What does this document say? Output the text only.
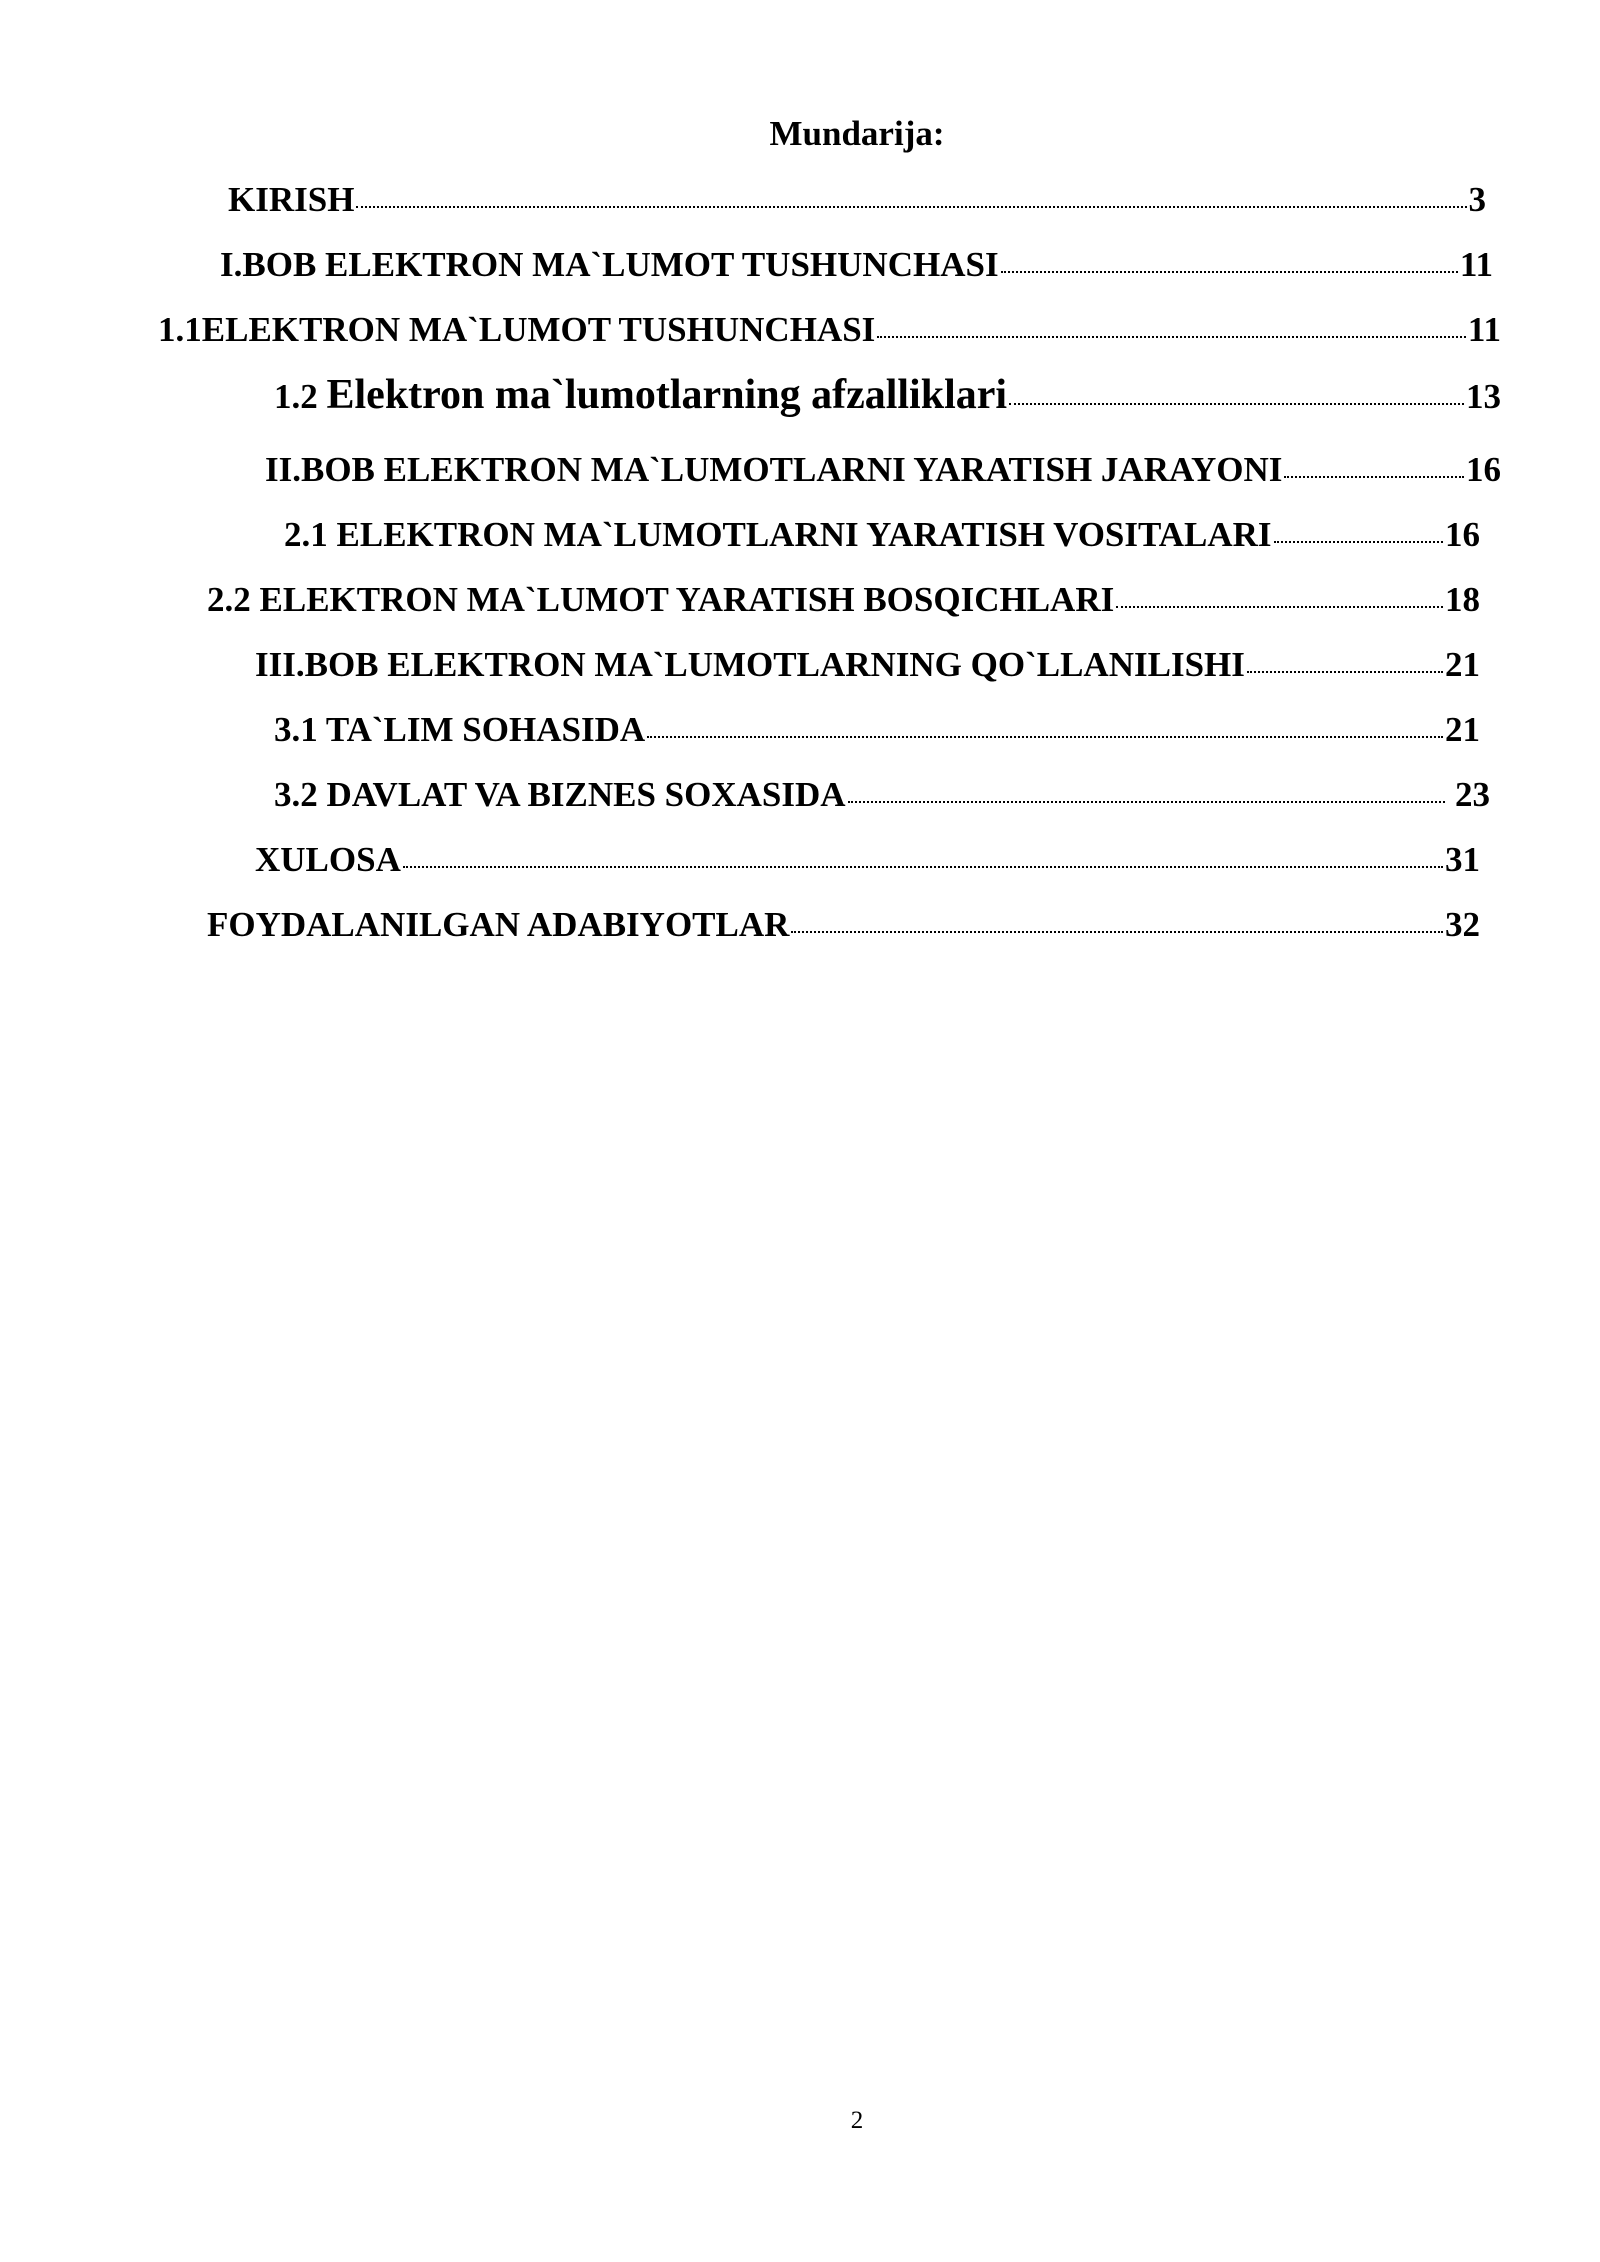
Mundarija:
KIRISH	3
I.BOB ELEKTRON MA`LUMOT TUSHUNCHASI	11
1.1ELEKTRON MA`LUMOT TUSHUNCHASI	11
1.2 Elektron ma`lumotlarning afzalliklari	13
II.BOB ELEKTRON MA`LUMOTLARNI YARATISH JARAYONI	16
2.1 ELEKTRON MA`LUMOTLARNI YARATISH VOSITALARI	16
2.2 ELEKTRON MA`LUMOT YARATISH BOSQICHLARI	18
III.BOB ELEKTRON MA`LUMOTLARNING QO`LLANILISHI	21
3.1 TA`LIM SOHASIDA	21
3.2 DAVLAT VA BIZNES SOXASIDA	23
XULOSA	31
FOYDALANILGAN ADABIYOTLAR	32
2
